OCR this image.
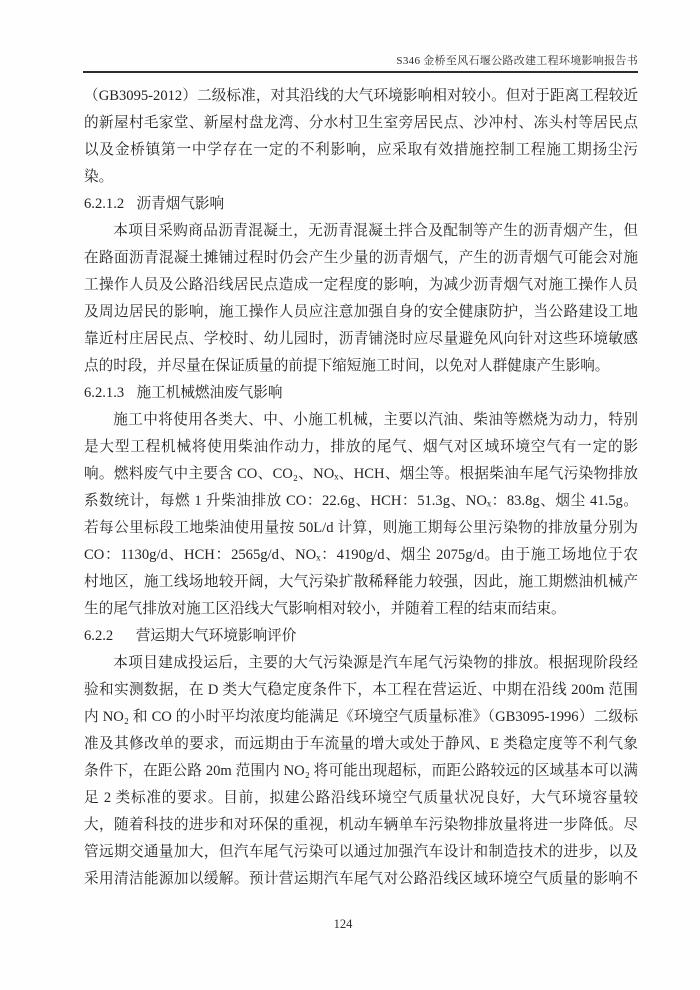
S346 金桥至风石堰公路改建工程环境影响报告书
（GB3095-2012）二级标准，对其沿线的大气环境影响相对较小。但对于距离工程较近
的新屋村毛家堂、新屋村盘龙湾、分水村卫生室旁居民点、沙冲村、冻头村等居民点
以及金桥镇第一中学存在一定的不利影响，应采取有效措施控制工程施工期扬尘污
染。
6.2.1.2 沥青烟气影响
本项目采购商品沥青混凝土，无沥青混凝土拌合及配制等产生的沥青烟产生，但
在路面沥青混凝土摊铺过程时仍会产生少量的沥青烟气，产生的沥青烟气可能会对施
工操作人员及公路沿线居民点造成一定程度的影响，为减少沥青烟气对施工操作人员
及周边居民的影响，施工操作人员应注意加强自身的安全健康防护，当公路建设工地
靠近村庄居民点、学校时、幼儿园时，沥青铺浇时应尽量避免风向针对这些环境敏感
点的时段，并尽量在保证质量的前提下缩短施工时间，以免对人群健康产生影响。
6.2.1.3 施工机械燃油废气影响
施工中将使用各类大、中、小施工机械，主要以汽油、柴油等燃烧为动力，特别
是大型工程机械将使用柴油作动力，排放的尾气、烟气对区域环境空气有一定的影
响。燃料废气中主要含 CO、CO₂、NOₓ、HCH、烟尘等。根据柴油车尾气污染物排放
系数统计，每燃 1 升柴油排放 CO：22.6g、HCH：51.3g、NOₓ：83.8g、烟尘 41.5g。
若每公里标段工地柴油使用量按 50L/d 计算，则施工期每公里污染物的排放量分别为
CO：1130g/d、HCH：2565g/d、NOₓ：4190g/d、烟尘 2075g/d。由于施工场地位于农
村地区，施工线场地较开阔，大气污染扩散稀释能力较强，因此，施工期燃油机械产
生的尾气排放对施工区沿线大气影响相对较小，并随着工程的结束而结束。
6.2.2 营运期大气环境影响评价
本项目建成投运后，主要的大气污染源是汽车尾气污染物的排放。根据现阶段经
验和实测数据，在 D 类大气稳定度条件下，本工程在营运近、中期在沿线 200m 范围
内 NO₂ 和 CO 的小时平均浓度均能满足《环境空气质量标准》（GB3095-1996）二级标
准及其修改单的要求，而远期由于车流量的增大或处于静风、E 类稳定度等不利气象
条件下，在距公路 20m 范围内 NO₂ 将可能出现超标，而距公路较远的区域基本可以满
足 2 类标准的要求。目前，拟建公路沿线环境空气质量状况良好，大气环境容量较
大，随着科技的进步和对环保的重视，机动车辆单车污染物排放量将进一步降低。尽
管远期交通量加大，但汽车尾气污染可以通过加强汽车设计和制造技术的进步，以及
采用清洁能源加以缓解。预计营运期汽车尾气对公路沿线区域环境空气质量的影响不
124
